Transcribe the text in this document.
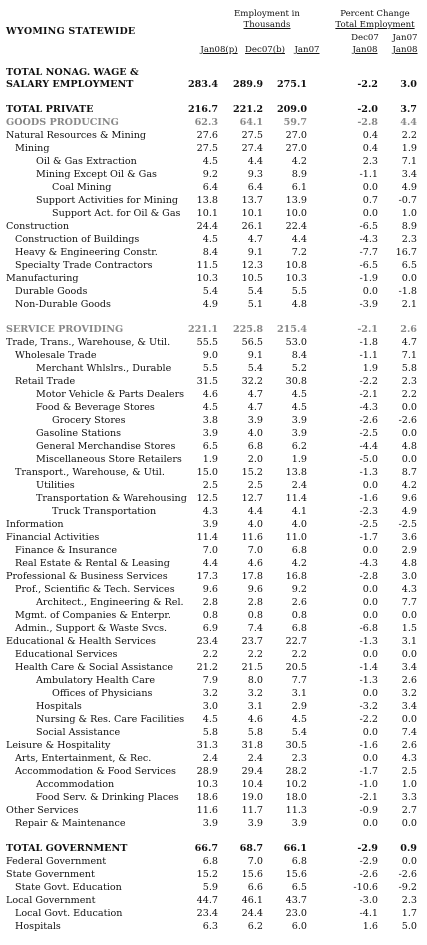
WYOMING STATEWIDE
Employment in
Thousands
Percent Change
Total Employment
Dec07	Jan07
Jan08(p) Dec07(b)	Jan07	Jan08	Jan08
TOTAL NONAG. WAGE &
SALARY EMPLOYMENT	283.4 289.9 275.1	-2.2 3.0
TOTAL PRIVATE	216.7 221.2 209.0	-2.0 3.7
GOODS PRODUCING	62.3 64.1 59.7	-2.8 4.4
Natural Resources & Mining	27.6 27.5 27.0	0.4 2.2
Mining	27.5 27.4 27.0	0.4 1.9
Oil & Gas Extraction	4.5	4.4	4.2	2.3 7.1
Mining Except Oil & Gas	9.2	9.3	8.9	-1.1 3.4
Coal Mining	6.4	6.4	6.1	0.0 4.9
Support Activities for Mining 13.8 13.7 13.9	0.7 -0.7
Support Act. for Oil & Gas 10.1 10.1 10.0	0.0 1.0
Construction	24.4 26.1 22.4	-6.5 8.9
Construction of Buildings	4.5	4.7	4.4	-4.3 2.3
Heavy & Engineering Constr.	8.4	9.1	7.2	-7.7 16.7
Specialty Trade Contractors	11.5 12.3 10.8	-6.5 6.5
Manufacturing	10.3 10.5 10.3	-1.9 0.0
Durable Goods	5.4	5.4	5.5	0.0 -1.8
Non-Durable Goods	4.9	5.1	4.8	-3.9 2.1
SERVICE PROVIDING	221.1 225.8 215.4	-2.1 2.6
Trade, Trans., Warehouse, & Util.	55.5 56.5 53.0	-1.8 4.7
Wholesale Trade	9.0	9.1	8.4	-1.1 7.1
Merchant Whlslrs., Durable	5.5	5.4	5.2	1.9 5.8
Retail Trade	31.5 32.2 30.8	-2.2 2.3
Motor Vehicle & Parts Dealers 4.6	4.7	4.5	-2.1 2.2
Food & Beverage Stores	4.5	4.7	4.5	-4.3 0.0
Grocery Stores	3.8	3.9	3.9	-2.6 -2.6
Gasoline Stations	3.9	4.0	3.9	-2.5 0.0
General Merchandise Stores	6.5	6.8	6.2	-4.4 4.8
Miscellaneous Store Retailers 1.9	2.0	1.9	-5.0 0.0
Transport., Warehouse, & Util.	15.0 15.2 13.8	-1.3 8.7
Utilities	2.5	2.5	2.4	0.0 4.2
Transportation & Warehousing 12.5 12.7 11.4	-1.6 9.6
Truck Transportation	4.3	4.4	4.1	-2.3 4.9
Information	3.9	4.0	4.0	-2.5 -2.5
Financial Activities	11.4 11.6 11.0	-1.7 3.6
Finance & Insurance	7.0	7.0	6.8	0.0 2.9
Real Estate & Rental & Leasing	4.4	4.6	4.2	-4.3 4.8
Professional & Business Services	17.3 17.8 16.8	-2.8 3.0
Prof., Scientific & Tech. Services	9.6	9.6	9.2	0.0 4.3
Architect., Engineering & Rel. 2.8	2.8	2.6	0.0 7.7
Mgmt. of Companies & Enterpr.	0.8	0.8	0.8	0.0 0.0
Admin., Support & Waste Svcs.	6.9	7.4	6.8	-6.8 1.5
Educational & Health Services	23.4 23.7 22.7	-1.3 3.1
Educational Services	2.2	2.2	2.2	0.0 0.0
Health Care & Social Assistance 21.2 21.5 20.5	-1.4 3.4
Ambulatory Health Care	7.9	8.0	7.7	-1.3 2.6
Offices of Physicians	3.2	3.2	3.1	0.0 3.2
Hospitals	3.0	3.1	2.9	-3.2 3.4
Nursing & Res. Care Facilities 4.5	4.6	4.5	-2.2 0.0
Social Assistance	5.8	5.8	5.4	0.0 7.4
Leisure & Hospitality	31.3 31.8 30.5	-1.6 2.6
Arts, Entertainment, & Rec.	2.4	2.4	2.3	0.0 4.3
Accommodation & Food Services 28.9 29.4 28.2	-1.7 2.5
Accommodation	10.3 10.4 10.2	-1.0 1.0
Food Serv. & Drinking Places 18.6 19.0 18.0	-2.1 3.3
Other Services	11.6 11.7 11.3	-0.9 2.7
Repair & Maintenance	3.9	3.9	3.9	0.0 0.0
TOTAL GOVERNMENT	66.7 68.7 66.1	-2.9 0.9
Federal Government	6.8	7.0	6.8	-2.9 0.0
State Government	15.2 15.6 15.6	-2.6 -2.6
State Govt. Education	5.9	6.6	6.5	-10.6 -9.2
Local Government	44.7 46.1 43.7	-3.0 2.3
Local Govt. Education	23.4 24.4 23.0	-4.1 1.7
Hospitals	6.3	6.2	6.0	1.6 5.0
